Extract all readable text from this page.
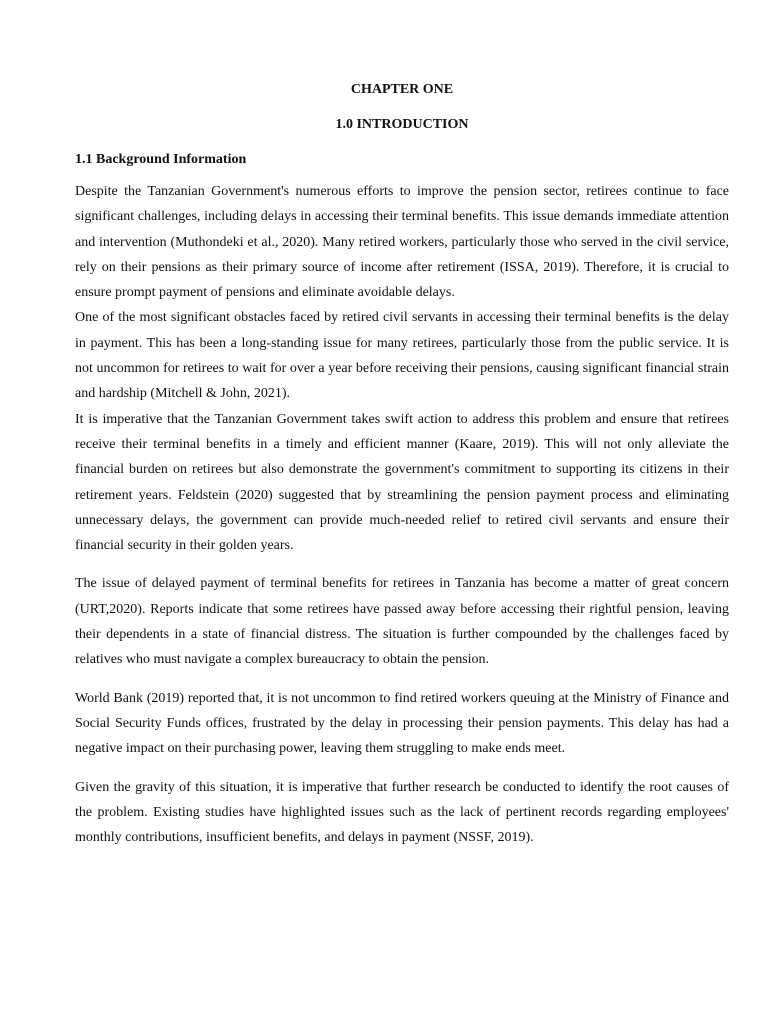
CHAPTER ONE
1.0 INTRODUCTION
1.1 Background Information

Despite the Tanzanian Government's numerous efforts to improve the pension sector, retirees continue to face significant challenges, including delays in accessing their terminal benefits. This issue demands immediate attention and intervention (Muthondeki et al., 2020). Many retired workers, particularly those who served in the civil service, rely on their pensions as their primary source of income after retirement (ISSA, 2019). Therefore, it is crucial to ensure prompt payment of pensions and eliminate avoidable delays.

One of the most significant obstacles faced by retired civil servants in accessing their terminal benefits is the delay in payment. This has been a long-standing issue for many retirees, particularly those from the public service. It is not uncommon for retirees to wait for over a year before receiving their pensions, causing significant financial strain and hardship (Mitchell & John, 2021).

It is imperative that the Tanzanian Government takes swift action to address this problem and ensure that retirees receive their terminal benefits in a timely and efficient manner (Kaare, 2019). This will not only alleviate the financial burden on retirees but also demonstrate the government's commitment to supporting its citizens in their retirement years. Feldstein (2020) suggested that by streamlining the pension payment process and eliminating unnecessary delays, the government can provide much-needed relief to retired civil servants and ensure their financial security in their golden years.

The issue of delayed payment of terminal benefits for retirees in Tanzania has become a matter of great concern (URT,2020). Reports indicate that some retirees have passed away before accessing their rightful pension, leaving their dependents in a state of financial distress. The situation is further compounded by the challenges faced by relatives who must navigate a complex bureaucracy to obtain the pension.

World Bank (2019) reported that, it is not uncommon to find retired workers queuing at the Ministry of Finance and Social Security Funds offices, frustrated by the delay in processing their pension payments. This delay has had a negative impact on their purchasing power, leaving them struggling to make ends meet.

Given the gravity of this situation, it is imperative that further research be conducted to identify the root causes of the problem. Existing studies have highlighted issues such as the lack of pertinent records regarding employees' monthly contributions, insufficient benefits, and delays in payment (NSSF, 2019).
